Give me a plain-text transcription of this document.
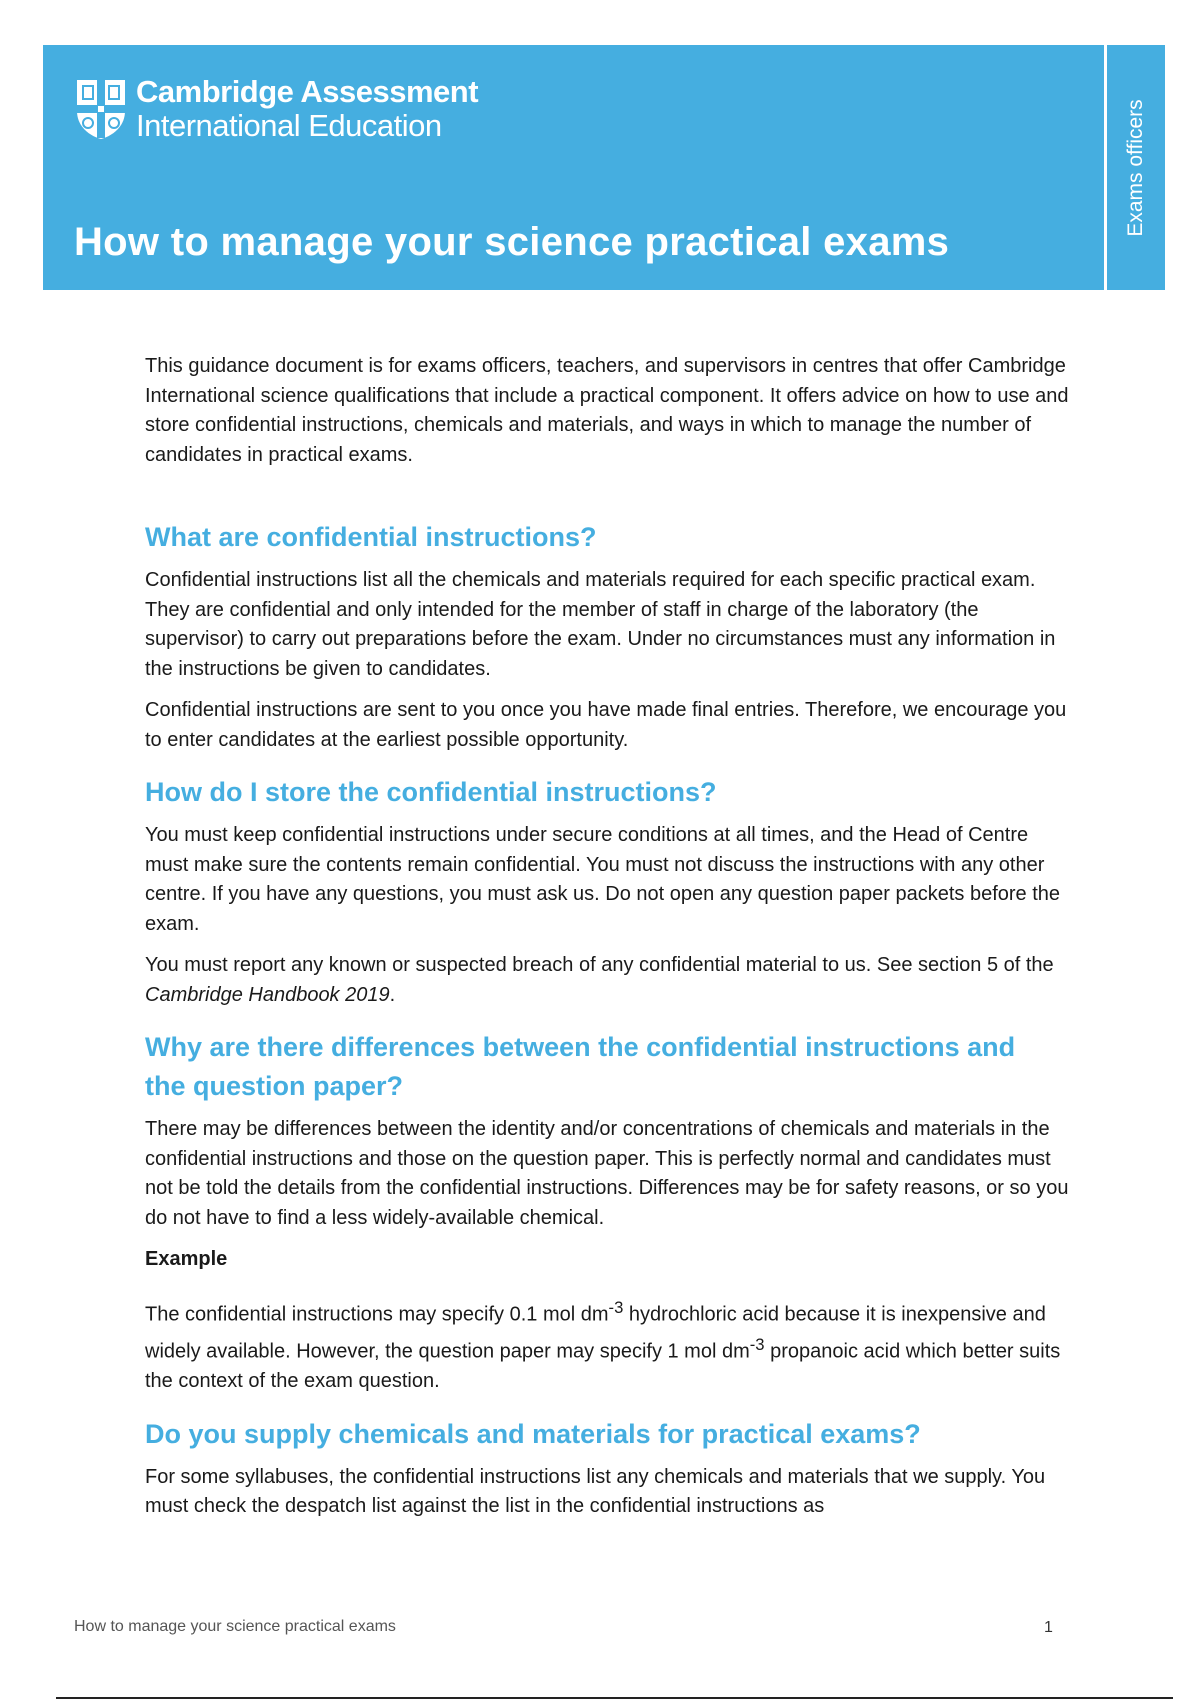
Cambridge Assessment
International Education
How to manage your science practical exams
Exams officers

This guidance document is for exams officers, teachers, and supervisors in centres that offer Cambridge International science qualifications that include a practical component. It offers advice on how to use and store confidential instructions, chemicals and materials, and ways in which to manage the number of candidates in practical exams.

What are confidential instructions?

Confidential instructions list all the chemicals and materials required for each specific practical exam. They are confidential and only intended for the member of staff in charge of the laboratory (the supervisor) to carry out preparations before the exam. Under no circumstances must any information in the instructions be given to candidates.

Confidential instructions are sent to you once you have made final entries. Therefore, we encourage you to enter candidates at the earliest possible opportunity.

How do I store the confidential instructions?

You must keep confidential instructions under secure conditions at all times, and the Head of Centre must make sure the contents remain confidential. You must not discuss the instructions with any other centre. If you have any questions, you must ask us. Do not open any question paper packets before the exam.

You must report any known or suspected breach of any confidential material to us. See section 5 of the Cambridge Handbook 2019.

Why are there differences between the confidential instructions and the question paper?

There may be differences between the identity and/or concentrations of chemicals and materials in the confidential instructions and those on the question paper. This is perfectly normal and candidates must not be told the details from the confidential instructions. Differences may be for safety reasons, or so you do not have to find a less widely-available chemical.

Example

The confidential instructions may specify 0.1 mol $dm^{-3}$ hydrochloric acid because it is inexpensive and widely available. However, the question paper may specify 1 mol $dm^{-3}$ propanoic acid which better suits the context of the exam question.

Do you supply chemicals and materials for practical exams?

For some syllabuses, the confidential instructions list any chemicals and materials that we supply. You must check the despatch list against the list in the confidential instructions as

How to manage your science practical exams	1
